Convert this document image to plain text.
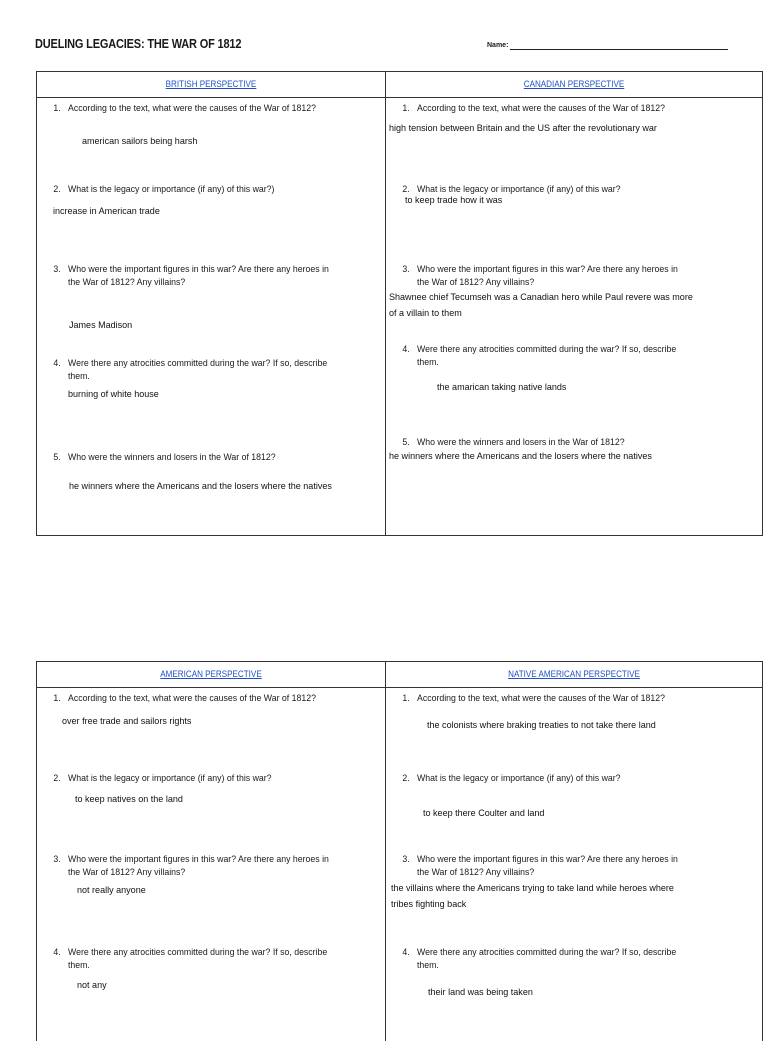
DUELING LEGACIES: THE WAR OF 1812	Name:
BRITISH PERSPECTIVE	CANADIAN PERSPECTIVE
1. According to the text, what were the causes of the War of 1812?
american sailors being harsh
2. What is the legacy or importance (if any) of this war?)
increase in American trade
3. Who were the important figures in this war? Are there any heroes in
the War of 1812? Any villains?
James Madison
4. Were there any atrocities committed during the war? If so, describe
them.
burning of white house
5. Who were the winners and losers in the War of 1812?
he winners where the Americans and the losers where the natives
1. According to the text, what were the causes of the War of 1812?
high tension between Britain and the US after the revolutionary war
2. What is the legacy or importance (if any) of this war?
to keep trade how it was
3. Who were the important figures in this war? Are there any heroes in
the War of 1812? Any villains?
Shawnee chief Tecumseh was a Canadian hero while Paul revere was more
of a villain to them
4. Were there any atrocities committed during the war? If so, describe
them.
the amarican taking native lands
5. Who were the winners and losers in the War of 1812?
he winners where the Americans and the losers where the natives
AMERICAN PERSPECTIVE	NATIVE AMERICAN PERSPECTIVE
1. According to the text, what were the causes of the War of 1812?
over free trade and sailors rights
2. What is the legacy or importance (if any) of this war?
to keep natives on the land
3. Who were the important figures in this war? Are there any heroes in
the War of 1812? Any villains?
not really anyone
4. Were there any atrocities committed during the war? If so, describe
them.
not any
1. According to the text, what were the causes of the War of 1812?
the colonists where braking treaties to not take there land
2. What is the legacy or importance (if any) of this war?
to keep there Coulter and land
3. Who were the important figures in this war? Are there any heroes in
the War of 1812? Any villains?
the villains where the Americans trying to take land while heroes where
tribes fighting back
4. Were there any atrocities committed during the war? If so, describe
them.
their land was being taken
